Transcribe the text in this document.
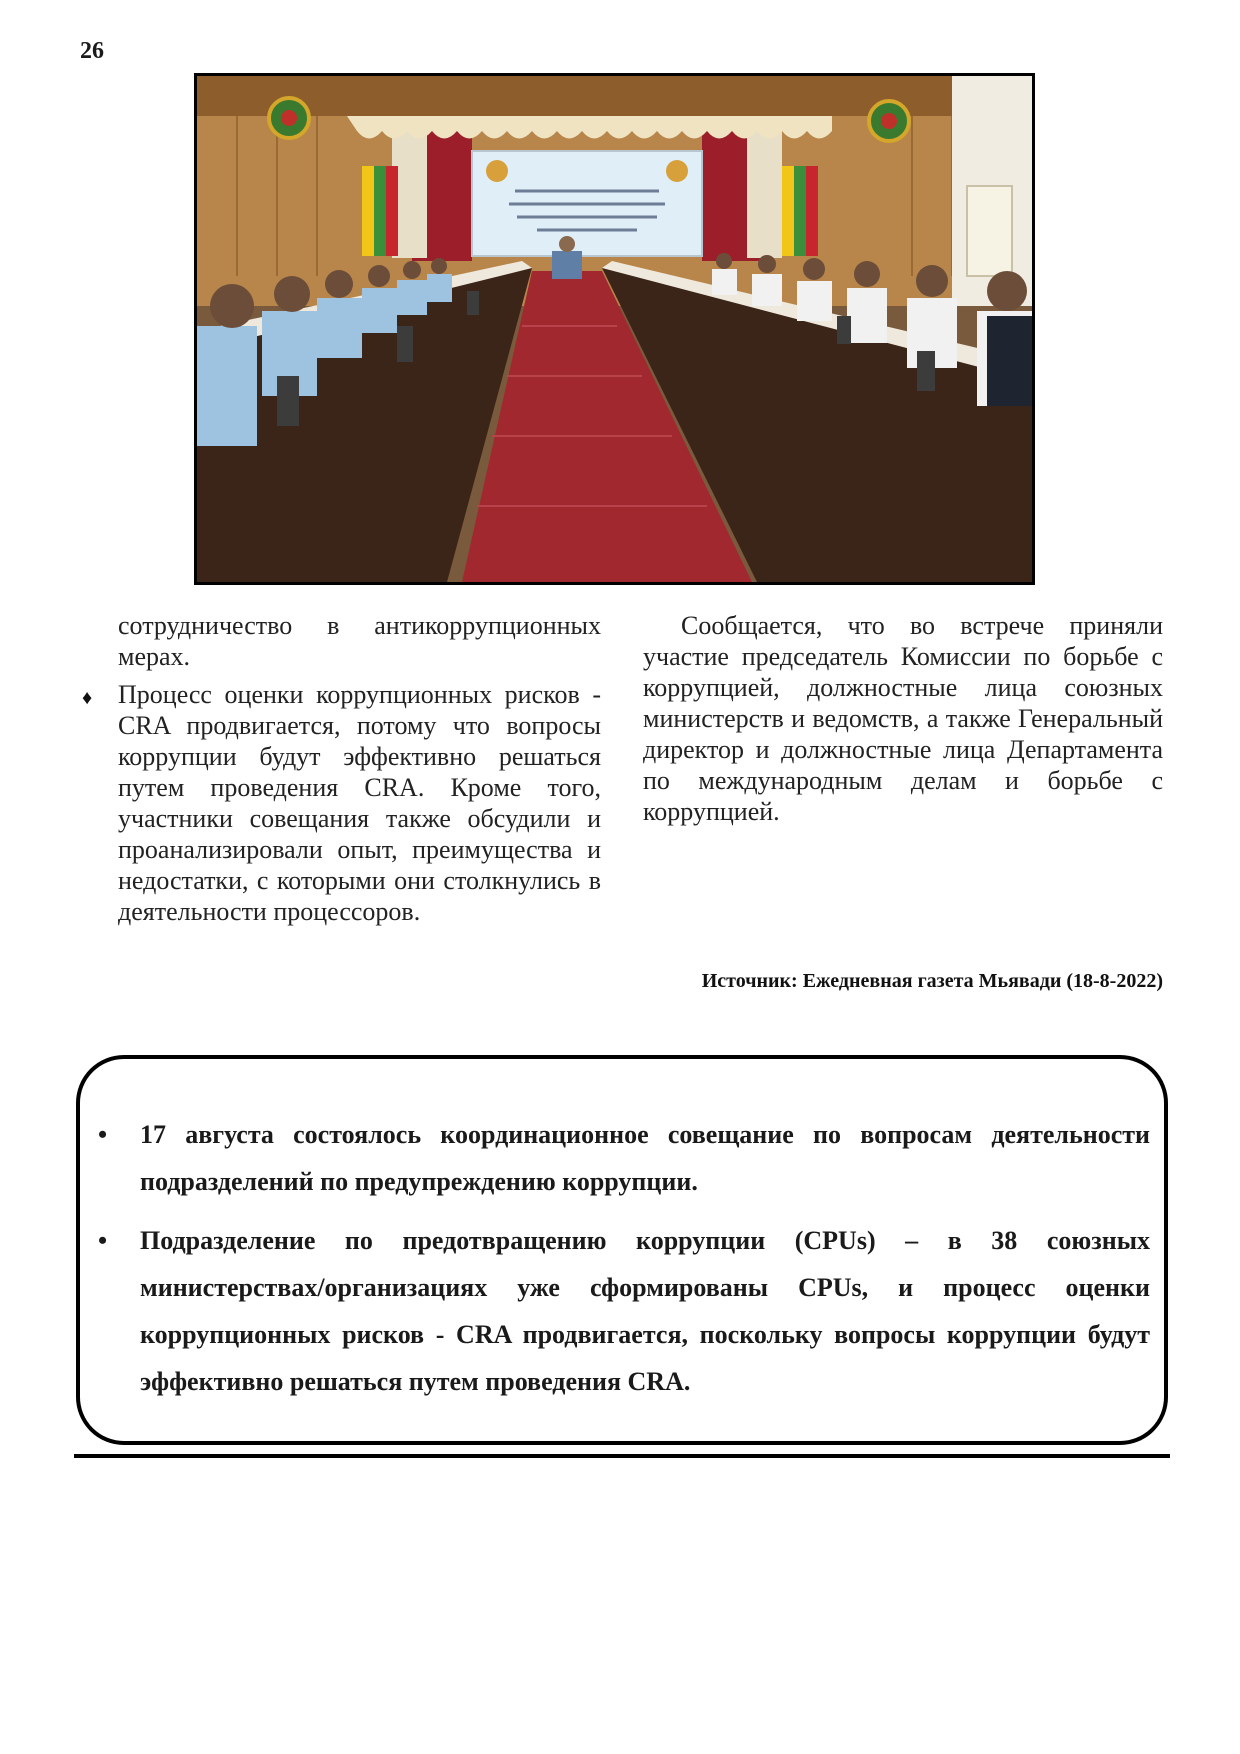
26

сотрудничество в антикоррупционных мерах.

♦ Процесс оценки коррупционных рисков - CRA продвигается, потому что вопросы коррупции будут эффективно решаться путем проведения CRA. Кроме того, участники совещания также обсудили и проанализировали опыт, преимущества и недостатки, с которыми они столкнулись в деятельности процессоров.

Сообщается, что во встрече приняли участие председатель Комиссии по борьбе с коррупцией, должностные лица союзных министерств и ведомств, а также Генеральный директор и должностные лица Департамента по международным делам и борьбе с коррупцией.

Источник: Ежедневная газета Мьявади (18-8-2022)
• 17 августа состоялось координационное совещание по вопросам деятельности подразделений по предупреждению коррупции.
• Подразделение по предотвращению коррупции (CPUs) – в 38 союзных министерствах/организациях уже сформированы CPUs, и процесс оценки коррупционных рисков - CRA продвигается, поскольку вопросы коррупции будут эффективно решаться путем проведения CRA.
